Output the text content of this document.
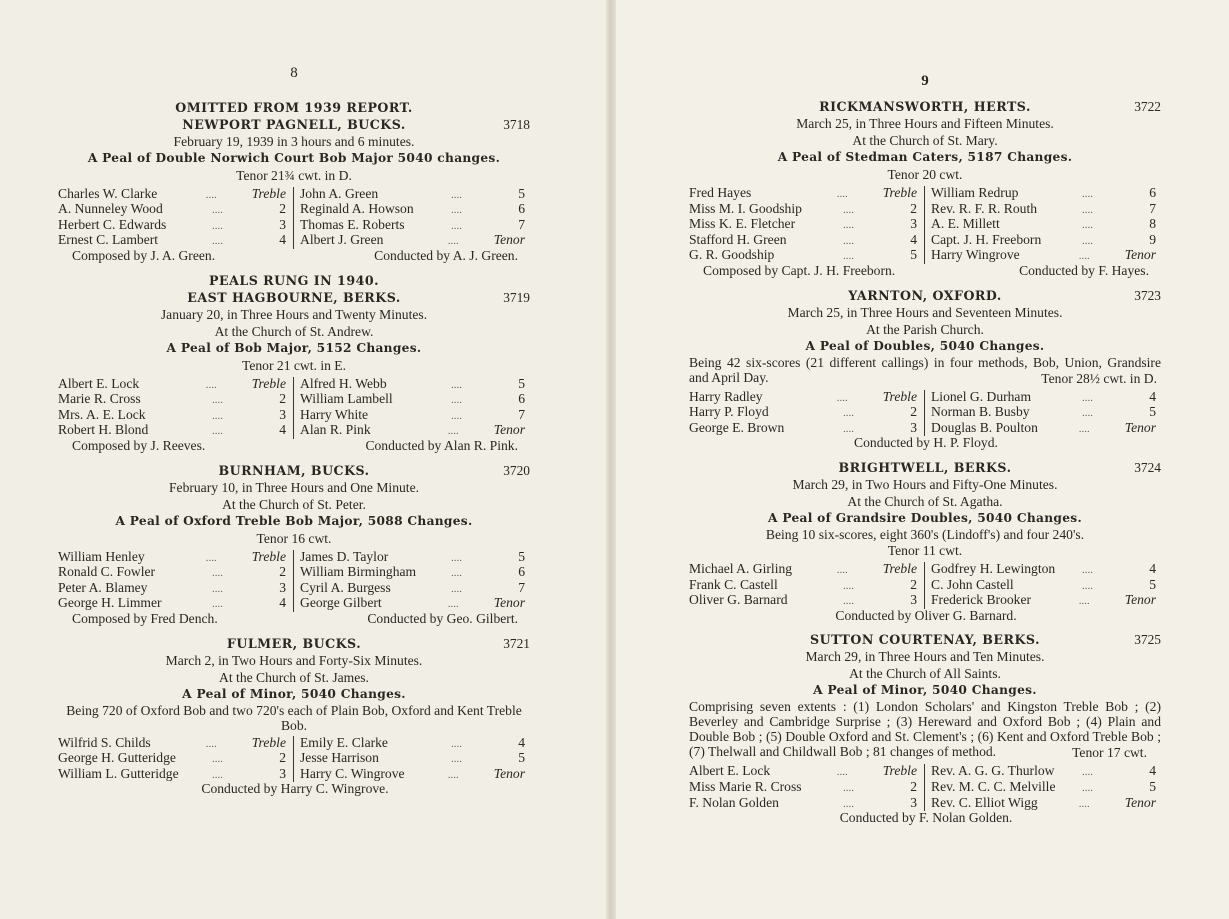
8
OMITTED FROM 1939 REPORT.
NEWPORT PAGNELL, BUCKS.	3718
February 19, 1939 in 3 hours and 6 minutes.
A Peal of Double Norwich Court Bob Major 5040 changes.
Tenor 21¾ cwt. in D.
Charles W. Clarke	....	Treble	John A. Green	....	5
A. Nunneley Wood	....	2	Reginald A. Howson	....	6
Herbert C. Edwards	....	3	Thomas E. Roberts	....	7
Ernest C. Lambert	....	4	Albert J. Green	....	Tenor
Composed by J. A. Green.	Conducted by A. J. Green.
PEALS RUNG IN 1940.
EAST HAGBOURNE, BERKS.	3719
January 20, in Three Hours and Twenty Minutes.
At the Church of St. Andrew.
A Peal of Bob Major, 5152 Changes.
Tenor 21 cwt. in E.
Albert E. Lock	....	Treble	Alfred H. Webb	....	5
Marie R. Cross	....	2	William Lambell	....	6
Mrs. A. E. Lock	....	3	Harry White	....	7
Robert H. Blond	....	4	Alan R. Pink	....	Tenor
Composed by J. Reeves.	Conducted by Alan R. Pink.
BURNHAM, BUCKS.	3720
February 10, in Three Hours and One Minute.
At the Church of St. Peter.
A Peal of Oxford Treble Bob Major, 5088 Changes.
Tenor 16 cwt.
William Henley	....	Treble	James D. Taylor	....	5
Ronald C. Fowler	....	2	William Birmingham	....	6
Peter A. Blamey	....	3	Cyril A. Burgess	....	7
George H. Limmer	....	4	George Gilbert	....	Tenor
Composed by Fred Dench.	Conducted by Geo. Gilbert.
FULMER, BUCKS.	3721
March 2, in Two Hours and Forty-Six Minutes.
At the Church of St. James.
A Peal of Minor, 5040 Changes.
Being 720 of Oxford Bob and two 720's each of Plain Bob, Oxford and Kent Treble Bob.
Wilfrid S. Childs	....	Treble	Emily E. Clarke	....	4
George H. Gutteridge	....	2	Jesse Harrison	....	5
William L. Gutteridge	....	3	Harry C. Wingrove	....	Tenor
Conducted by Harry C. Wingrove.
9
RICKMANSWORTH, HERTS.	3722
March 25, in Three Hours and Fifteen Minutes.
At the Church of St. Mary.
A Peal of Stedman Caters, 5187 Changes.
Tenor 20 cwt.
Fred Hayes	....	Treble	William Redrup	....	6
Miss M. I. Goodship	....	2	Rev. R. F. R. Routh	....	7
Miss K. E. Fletcher	....	3	A. E. Millett	....	8
Stafford H. Green	....	4	Capt. J. H. Freeborn	....	9
G. R. Goodship	....	5	Harry Wingrove	....	Tenor
Composed by Capt. J. H. Freeborn.	Conducted by F. Hayes.
YARNTON, OXFORD.	3723
March 25, in Three Hours and Seventeen Minutes.
At the Parish Church.
A Peal of Doubles, 5040 Changes.
Being 42 six-scores (21 different callings) in four methods, Bob, Union, Grandsire and April Day.	Tenor 28½ cwt. in D.
Harry Radley	....	Treble	Lionel G. Durham	....	4
Harry P. Floyd	....	2	Norman B. Busby	....	5
George E. Brown	....	3	Douglas B. Poulton	....	Tenor
Conducted by H. P. Floyd.
BRIGHTWELL, BERKS.	3724
March 29, in Two Hours and Fifty-One Minutes.
At the Church of St. Agatha.
A Peal of Grandsire Doubles, 5040 Changes.
Being 10 six-scores, eight 360's (Lindoff's) and four 240's.
Tenor 11 cwt.
Michael A. Girling	....	Treble	Godfrey H. Lewington	....	4
Frank C. Castell	....	2	C. John Castell	....	5
Oliver G. Barnard	....	3	Frederick Brooker	....	Tenor
Conducted by Oliver G. Barnard.
SUTTON COURTENAY, BERKS.	3725
March 29, in Three Hours and Ten Minutes.
At the Church of All Saints.
A Peal of Minor, 5040 Changes.
Comprising seven extents : (1) London Scholars' and Kingston Treble Bob ; (2) Beverley and Cambridge Surprise ; (3) Hereward and Oxford Bob ; (4) Plain and Double Bob ; (5) Double Oxford and St. Clement's ; (6) Kent and Oxford Treble Bob ; (7) Thelwall and Childwall Bob ; 81 changes of method.	Tenor 17 cwt.
Albert E. Lock	....	Treble	Rev. A. G. G. Thurlow	....	4
Miss Marie R. Cross	....	2	Rev. M. C. C. Melville	....	5
F. Nolan Golden	....	3	Rev. C. Elliot Wigg	....	Tenor
Conducted by F. Nolan Golden.
